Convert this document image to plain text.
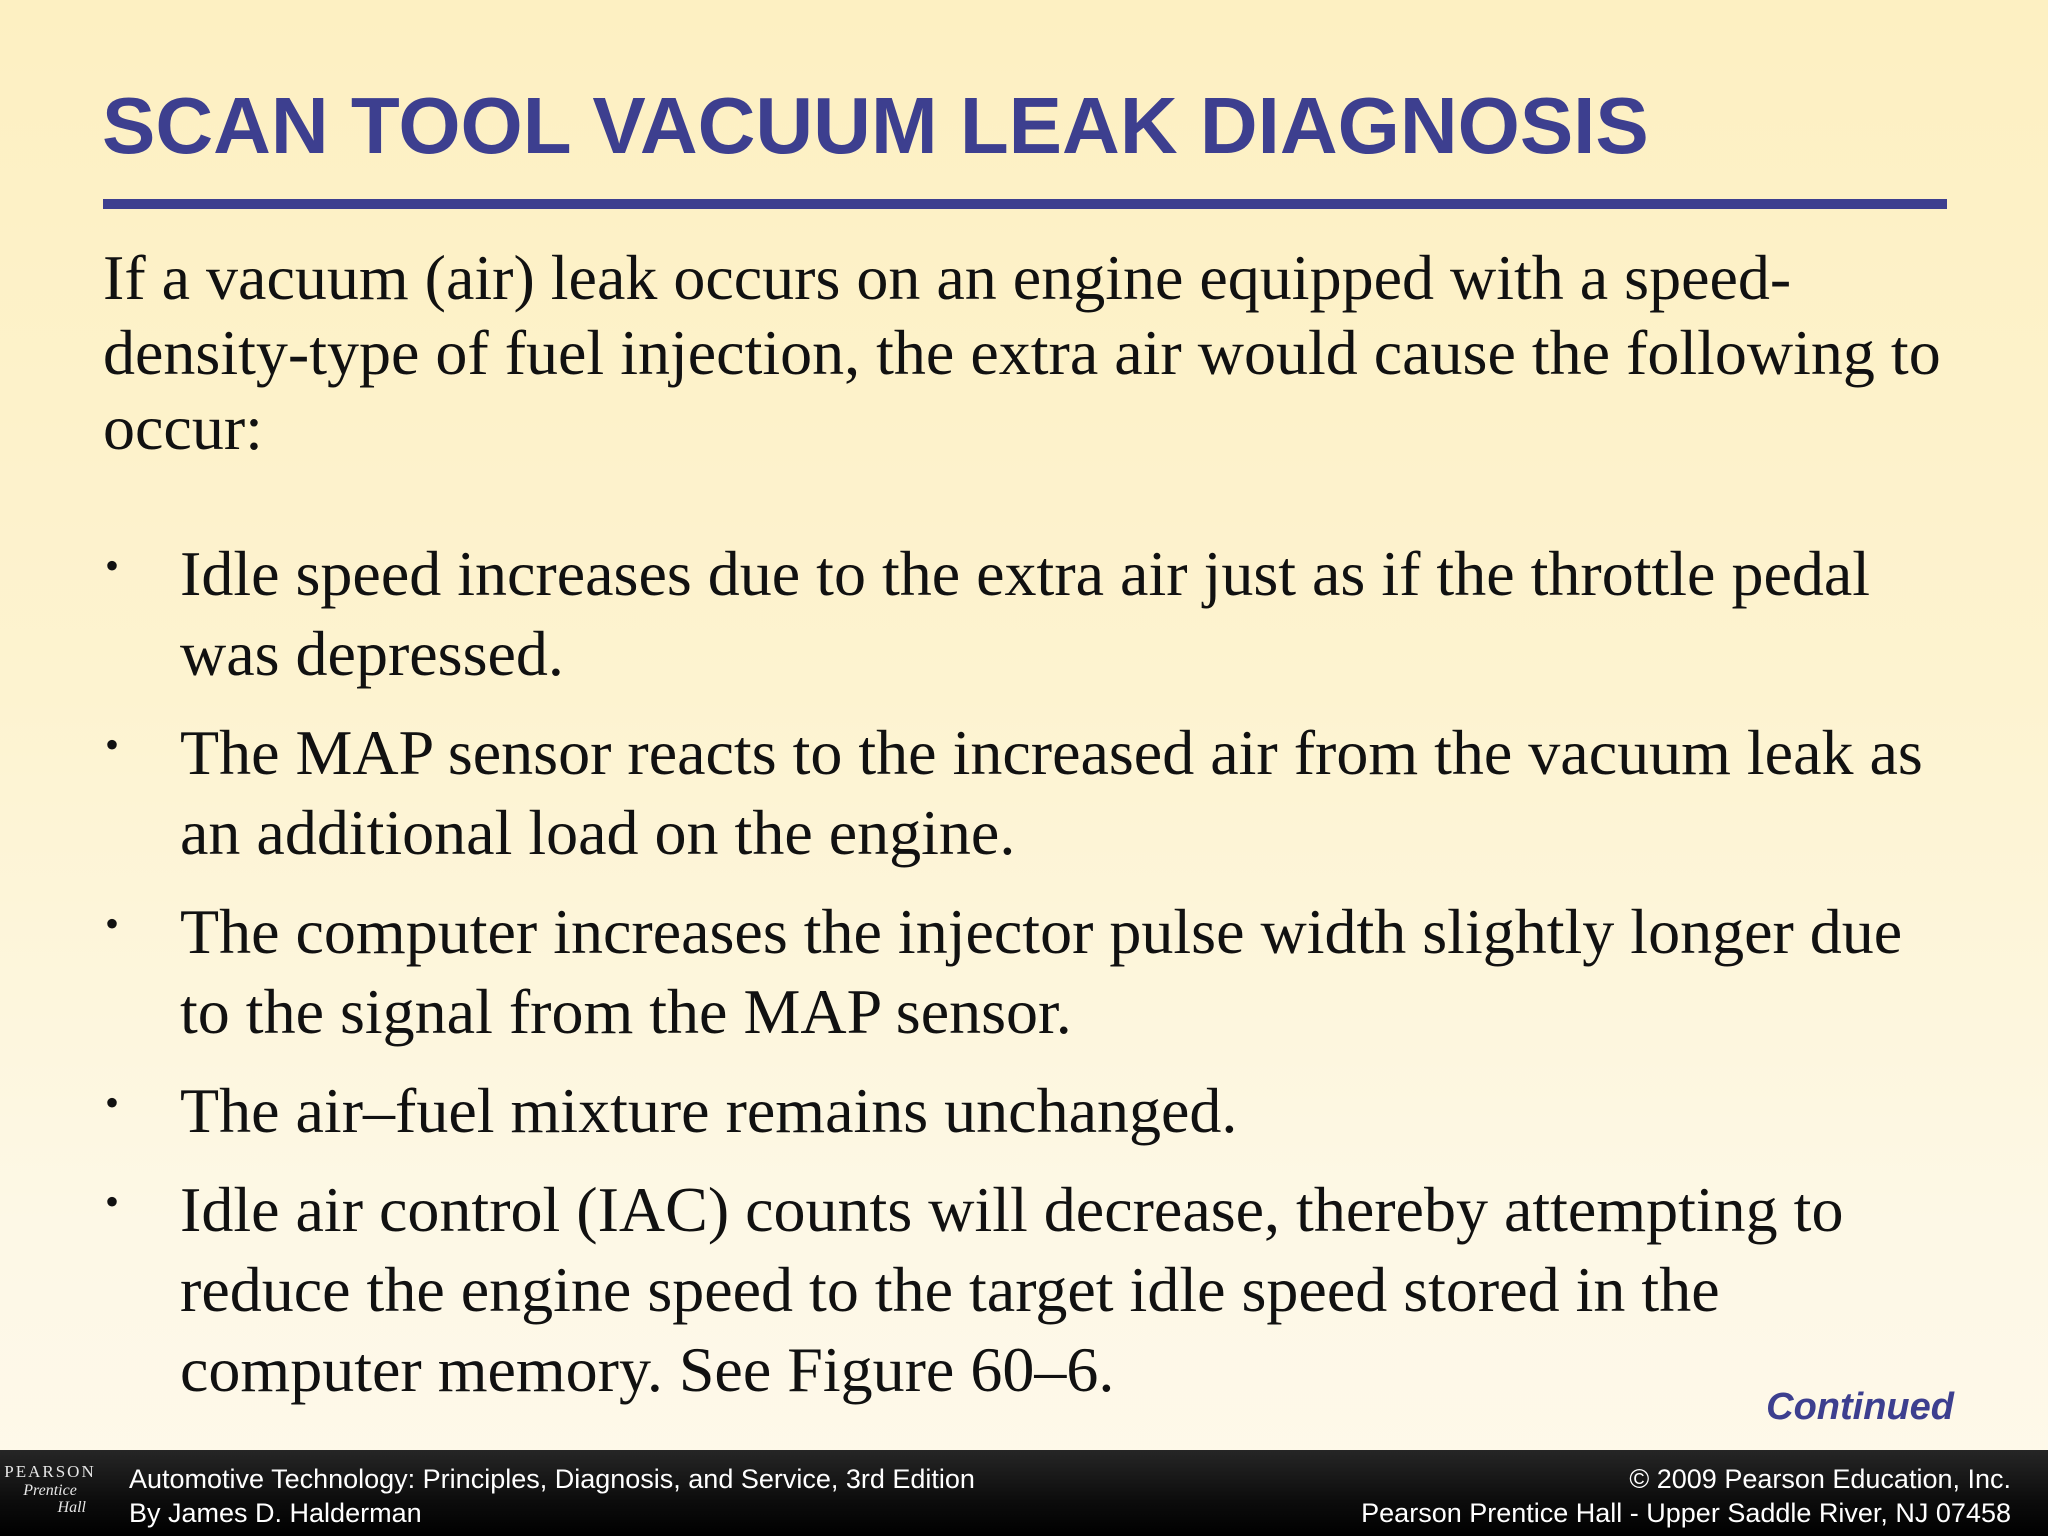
SCAN TOOL VACUUM LEAK DIAGNOSIS

If a vacuum (air) leak occurs on an engine equipped with a speed-density-type of fuel injection, the extra air would cause the following to occur:

• Idle speed increases due to the extra air just as if the throttle pedal was depressed.
• The MAP sensor reacts to the increased air from the vacuum leak as an additional load on the engine.
• The computer increases the injector pulse width slightly longer due to the signal from the MAP sensor.
• The air–fuel mixture remains unchanged.
• Idle air control (IAC) counts will decrease, thereby attempting to reduce the engine speed to the target idle speed stored in the computer memory. See Figure 60–6.
Continued
PEARSON
Prentice
Hall
Automotive Technology: Principles, Diagnosis, and Service, 3rd Edition
By James D. Halderman
© 2009 Pearson Education, Inc.
Pearson Prentice Hall - Upper Saddle River, NJ 07458
